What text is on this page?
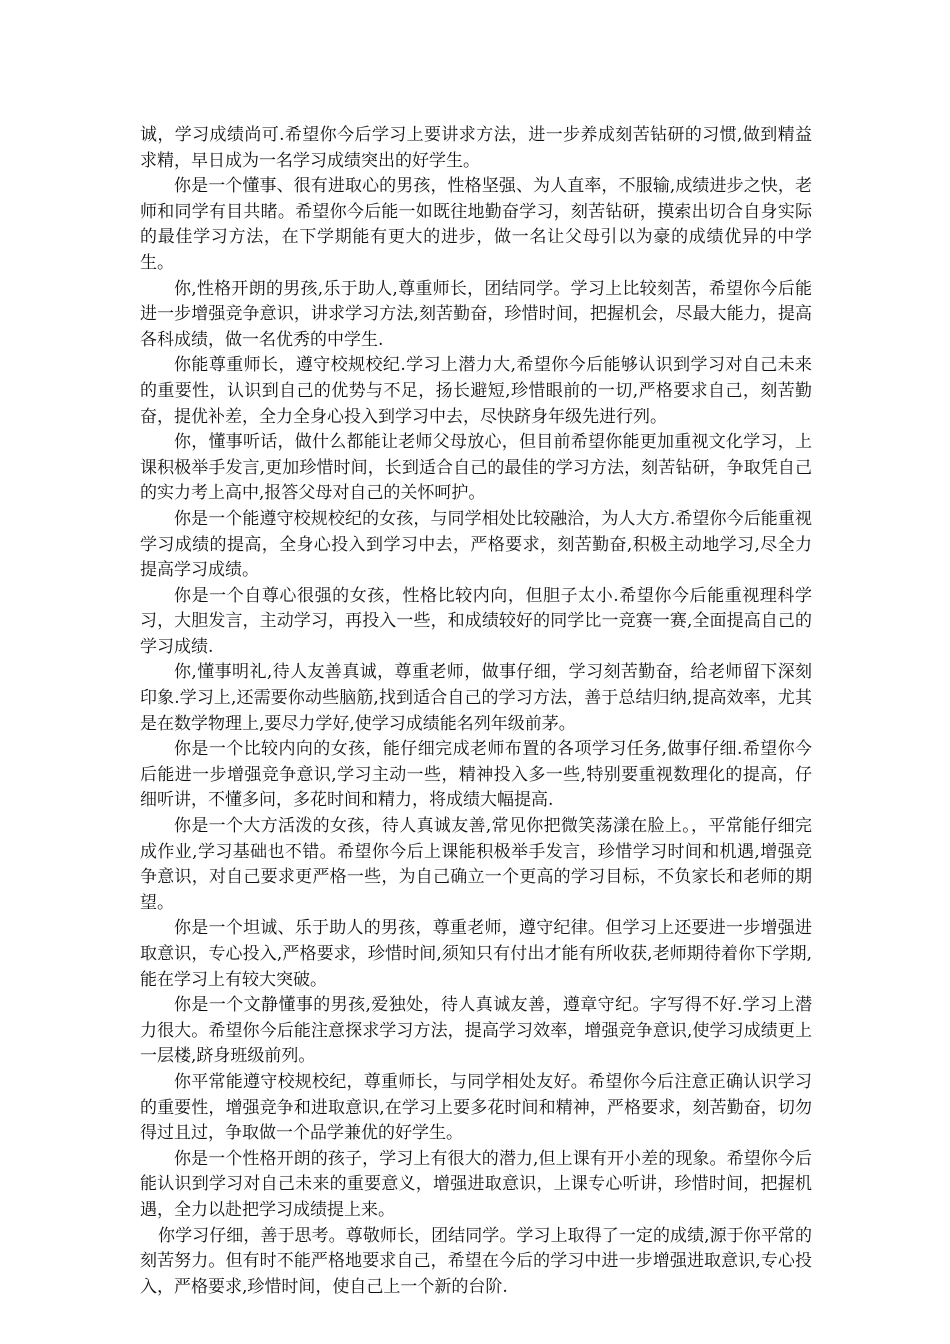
诚，学习成绩尚可.希望你今后学习上要讲求方法，进一步养成刻苦钻研的习惯,做到精益求精，早日成为一名学习成绩突出的好学生。

你是一个懂事、很有进取心的男孩，性格坚强、为人直率，不服输,成绩进步之快，老师和同学有目共睹。希望你今后能一如既往地勤奋学习，刻苦钻研，摸索出切合自身实际的最佳学习方法，在下学期能有更大的进步，做一名让父母引以为豪的成绩优异的中学生。

你,性格开朗的男孩,乐于助人,尊重师长，团结同学。学习上比较刻苦，希望你今后能进一步增强竞争意识，讲求学习方法,刻苦勤奋，珍惜时间，把握机会，尽最大能力，提高各科成绩，做一名优秀的中学生.

你能尊重师长，遵守校规校纪.学习上潜力大,希望你今后能够认识到学习对自己未来的重要性，认识到自己的优势与不足，扬长避短,珍惜眼前的一切,严格要求自己，刻苦勤奋，提优补差，全力全身心投入到学习中去，尽快跻身年级先进行列。

你，懂事听话，做什么都能让老师父母放心，但目前希望你能更加重视文化学习，上课积极举手发言,更加珍惜时间，长到适合自己的最佳的学习方法，刻苦钻研，争取凭自己的实力考上高中,报答父母对自己的关怀呵护。

你是一个能遵守校规校纪的女孩，与同学相处比较融洽，为人大方.希望你今后能重视学习成绩的提高，全身心投入到学习中去，严格要求，刻苦勤奋,积极主动地学习,尽全力提高学习成绩。

你是一个自尊心很强的女孩，性格比较内向，但胆子太小.希望你今后能重视理科学习，大胆发言，主动学习，再投入一些，和成绩较好的同学比一竞赛一赛,全面提高自己的学习成绩.

你,懂事明礼,待人友善真诚，尊重老师，做事仔细，学习刻苦勤奋，给老师留下深刻印象.学习上,还需要你动些脑筋,找到适合自己的学习方法，善于总结归纳,提高效率，尤其是在数学物理上,要尽力学好,使学习成绩能名列年级前茅。

你是一个比较内向的女孩，能仔细完成老师布置的各项学习任务,做事仔细.希望你今后能进一步增强竞争意识,学习主动一些，精神投入多一些,特别要重视数理化的提高，仔细听讲，不懂多问，多花时间和精力，将成绩大幅提高.

你是一个大方活泼的女孩，待人真诚友善,常见你把微笑荡漾在脸上。，平常能仔细完成作业,学习基础也不错。希望你今后上课能积极举手发言，珍惜学习时间和机遇,增强竞争意识，对自己要求更严格一些，为自己确立一个更高的学习目标，不负家长和老师的期望。

你是一个坦诚、乐于助人的男孩，尊重老师，遵守纪律。但学习上还要进一步增强进取意识，专心投入,严格要求，珍惜时间,须知只有付出才能有所收获,老师期待着你下学期,能在学习上有较大突破。

你是一个文静懂事的男孩,爱独处，待人真诚友善，遵章守纪。字写得不好.学习上潜力很大。希望你今后能注意探求学习方法，提高学习效率，增强竞争意识,使学习成绩更上一层楼,跻身班级前列。

你平常能遵守校规校纪，尊重师长，与同学相处友好。希望你今后注意正确认识学习的重要性，增强竞争和进取意识,在学习上要多花时间和精神，严格要求，刻苦勤奋，切勿得过且过，争取做一个品学兼优的好学生。

你是一个性格开朗的孩子，学习上有很大的潜力,但上课有开小差的现象。希望你今后能认识到学习对自己未来的重要意义，增强进取意识，上课专心听讲，珍惜时间，把握机遇，全力以赴把学习成绩提上来。

你学习仔细，善于思考。尊敬师长，团结同学。学习上取得了一定的成绩,源于你平常的刻苦努力。但有时不能严格地要求自己，希望在今后的学习中进一步增强进取意识,专心投入，严格要求,珍惜时间，使自己上一个新的台阶.
